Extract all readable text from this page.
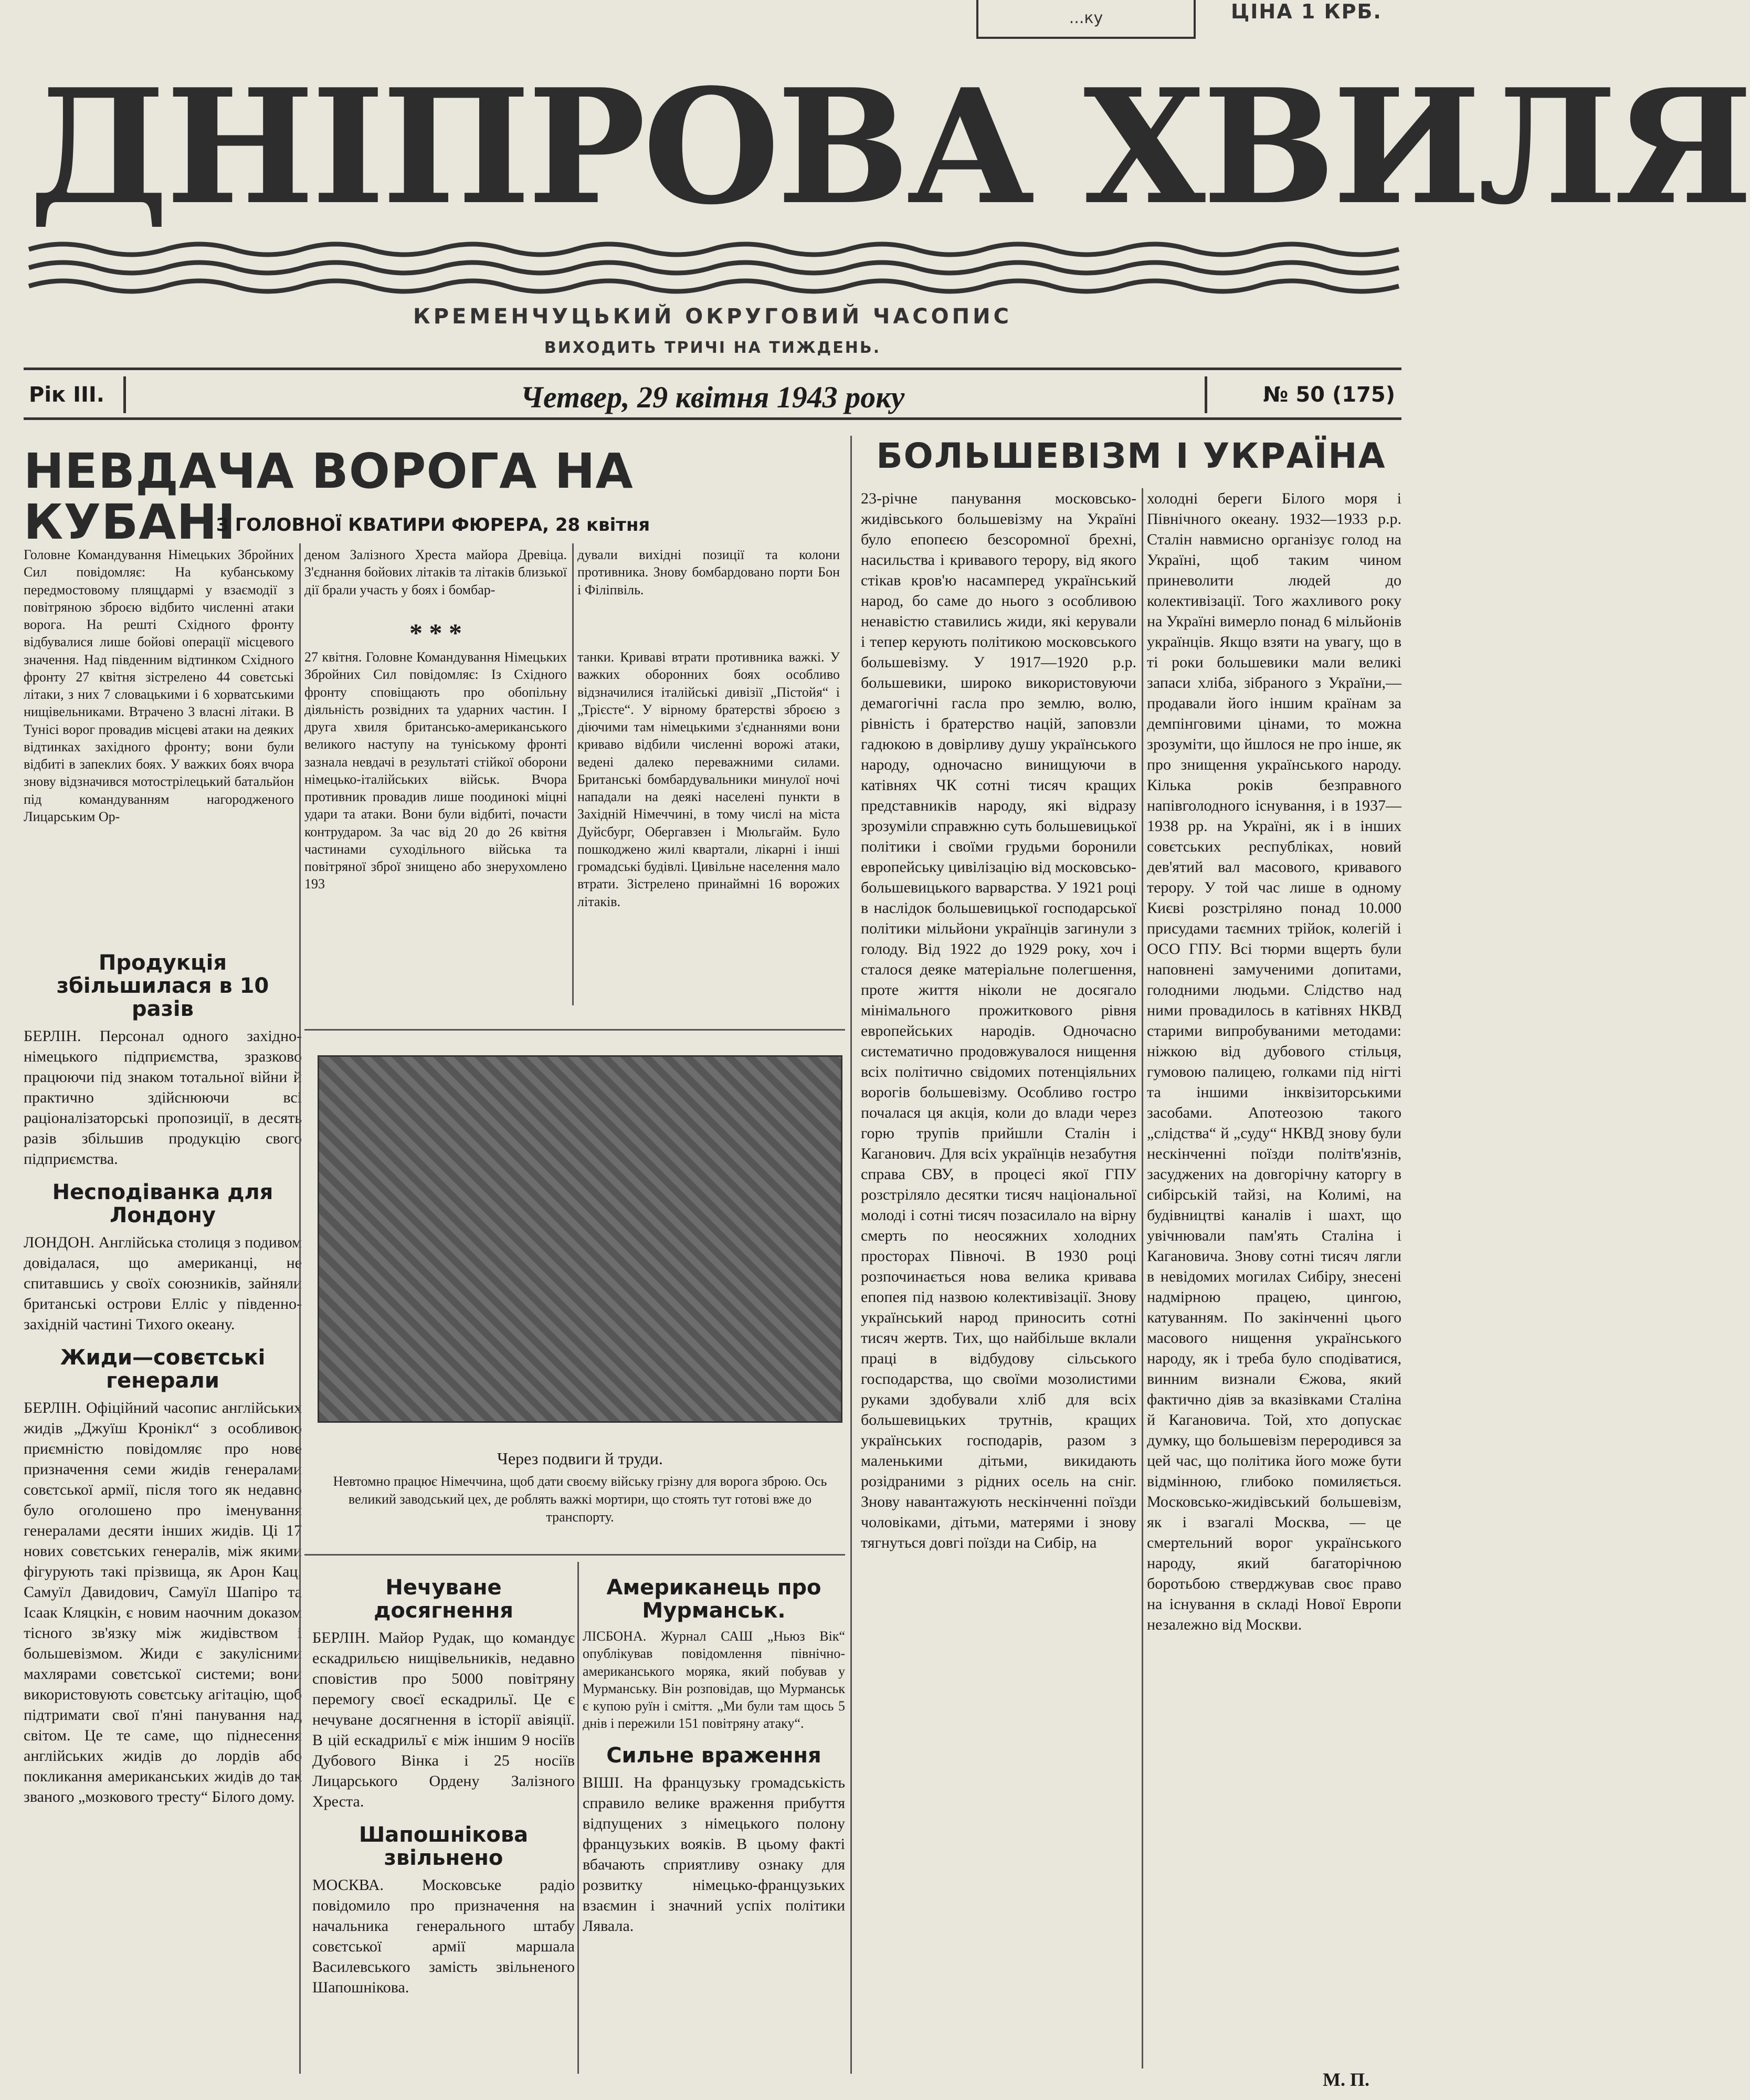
...ку	ЦІНА 1 КРБ.
ДНІПРОВА ХВИЛЯ
КРЕМЕНЧУЦЬКИЙ ОКРУГОВИЙ ЧАСОПИС
ВИХОДИТЬ ТРИЧІ НА ТИЖДЕНЬ.
Рік III.	Четвер, 29 квітня 1943 року	№ 50 (175)
НЕВДАЧА ВОРОГА НА КУБАНІ
З ГОЛОВНОЇ КВАТИРИ ФЮРЕРА, 28 квітня

Головне Командування Німецьких Збройних Сил повідомляє: На кубанському передмостовому плящдармі у взаємодії з повітряною зброєю відбито численні атаки ворога. На решті Східного фронту відбувалися лише бойові операції місцевого значення. Над південним відтинком Східного фронту 27 квітня зістрелено 44 совєтські літаки, з них 7 словацькими і 6 хорватськими нищівельниками. Втрачено 3 власні літаки. В Тунісі ворог провадив місцеві атаки на деяких відтинках західного фронту; вони були відбиті в запеклих боях. У важких боях вчора знову відзначився мотострілецький батальйон під командуванням нагородженого Лицарським Ор-

деном Залізного Хреста майора Древіца. З'єднання бойових літаків та літаків близької дії брали участь у боях і бомбар-

дували вихідні позиції та колони противника. Знову бомбардовано порти Бон і Філіпвіль.

* * *

27 квітня. Головне Командування Німецьких Збройних Сил повідомляє: Із Східного фронту сповіщають про обопільну діяльність розвідних та ударних частин. І друга хвиля британсько-американського великого наступу на туніському фронті зазнала невдачі в результаті стійкої оборони німецько-італійських військ. Вчора противник провадив лише поодинокі міцні удари та атаки. Вони були відбиті, почасти контрударом. За час від 20 до 26 квітня частинами суходільного війська та повітряної зброї знищено або знерухомлено 193

танки. Криваві втрати противника важкі. У важких оборонних боях особливо відзначилися італійські дивізії „Пістойя“ і „Трієсте“. У вірному братерстві зброєю з діючими там німецькими з'єднаннями вони криваво відбили численні ворожі атаки, ведені далеко переважними силами. Британські бомбардувальники минулої ночі нападали на деякі населені пункти в Західній Німеччині, в тому числі на міста Дуйсбург, Обергавзен і Мюльгайм. Було пошкоджено жилі квартали, лікарні і інші громадські будівлі. Цивільне населення мало втрати. Зістрелено принаймні 16 ворожих літаків.

Продукція збільшилася в 10 разів

БЕРЛІН. Персонал одного західно-німецького підприємства, зразково працюючи під знаком тотальної війни й практично здійснюючи всі раціоналізаторські пропозиції, в десять разів збільшив продукцію свого підприємства.

Несподіванка для Лондону

ЛОНДОН. Англійська столиця з подивом довідалася, що американці, не спитавшись у своїх союзників, зайняли британські острови Елліс у південно-західній частині Тихого океану.

Жиди—совєтські генерали

БЕРЛІН. Офіційний часопис англійських жидів „Джуїш Кронікл“ з особливою приємністю повідомляє про нове призначення семи жидів генералами совєтської армії, після того як недавно було оголошено про іменування генералами десяти інших жидів. Ці 17 нових совєтських генералів, між якими фігурують такі прізвища, як Арон Кац, Самуїл Давидович, Самуїл Шапіро та Ісаак Кляцкін, є новим наочним доказом тісного зв'язку між жидівством і большевізмом. Жиди є закулісними махлярами совєтської системи; вони використовують совєтську агітацію, щоб підтримати свої п'яні панування над світом. Це те саме, що піднесення англійських жидів до лордів або покликання американських жидів до так званого „мозкового тресту“ Білого дому.

Через подвиги й труди.

Невтомно працює Німеччина, щоб дати своєму війську грізну для ворога зброю. Ось великий заводський цех, де роблять важкі мортири, що стоять тут готові вже до транспорту.

Нечуване досягнення

БЕРЛІН. Майор Рудак, що командує ескадрильєю нищівельників, недавно сповістив про 5000 повітряну перемогу своєї ескадрильї. Це є нечуване досягнення в історії авіяції. В цій ескадрильї є між іншим 9 носіїв Дубового Вінка і 25 носіїв Лицарського Ордену Залізного Хреста.

Шапошнікова звільнено

МОСКВА. Московське радіо повідомило про призначення на начальника генерального штабу совєтської армії маршала Василевського замість звільненого Шапошнікова.

Американець про Мурманськ.

ЛІСБОНА. Журнал САШ „Ньюз Вік“ опублікував повідомлення північно-американського моряка, який побував у Мурманську. Він розповідав, що Мурманськ є купою руїн і сміття. „Ми були там щось 5 днів і пережили 151 повітряну атаку“.

Сильне враження

ВІШІ. На французьку громадськість справило велике враження прибуття відпущених з німецького полону французьких вояків. В цьому факті вбачають сприятливу ознаку для розвитку німецько-французьких взаємин і значний успіх політики Лявала.

БОЛЬШЕВІЗМ І УКРАЇНА

23-річне панування московсько-жидівського большевізму на Україні було епопеєю безсоромної брехні, насильства і кривавого терору, від якого стікав кров'ю насамперед український народ, бо саме до нього з особливою ненавістю ставились жиди, які керували і тепер керують політикою московського большевізму. У 1917—1920 р.р. большевики, широко використовуючи демагогічні гасла про землю, волю, рівність і братерство націй, заповзли гадюкою в довірливу душу українського народу, одночасно винищуючи в катівнях ЧК сотні тисяч кращих представників народу, які відразу зрозуміли справжню суть большевицької політики і своїми грудьми боронили европейську цивілізацію від московсько-большевицького варварства. У 1921 році в наслідок большевицької господарської політики мільйони українців загинули з голоду. Від 1922 до 1929 року, хоч і сталося деяке матеріальне полегшення, проте життя ніколи не досягало мінімального прожиткового рівня европейських народів. Одночасно систематично продовжувалося нищення всіх політично свідомих потенціяльних ворогів большевізму. Особливо гостро почалася ця акція, коли до влади через горю трупів прийшли Сталін і Каганович. Для всіх українців незабутня справа СВУ, в процесі якої ГПУ розстріляло десятки тисяч національної молоді і сотні тисяч позасилало на вірну смерть по неосяжних холодних просторах Півночі. В 1930 році розпочинається нова велика кривава епопея під назвою колективізації. Знову український народ приносить сотні тисяч жертв. Тих, що найбільше вклали праці в відбудову сільського господарства, що своїми мозолистими руками здобували хліб для всіх большевицьких трутнів, кращих українських господарів, разом з маленькими дітьми, викидають розідраними з рідних осель на сніг. Знову навантажують нескінченні поїзди чоловіками, дітьми, матерями і знову тягнуться довгі поїзди на Сибір, на

холодні береги Білого моря і Північного океану. 1932—1933 р.р. Сталін навмисно організує голод на Україні, щоб таким чином приневолити людей до колективізації. Того жахливого року на Україні вимерло понад 6 мільйонів українців. Якщо взяти на увагу, що в ті роки большевики мали великі запаси хліба, зібраного з України,—продавали його іншим країнам за демпінговими цінами, то можна зрозуміти, що йшлося не про інше, як про знищення українського народу. Кілька років безправного напівголодного існування, і в 1937—1938 рр. на Україні, як і в інших совєтських республіках, новий дев'ятий вал масового, кривавого терору. У той час лише в одному Києві розстріляно понад 10.000 присудами таємних трійок, колегій і ОСО ГПУ. Всі тюрми вщерть були наповнені замученими допитами, голодними людьми. Слідство над ними провадилось в катівнях НКВД старими випробуваними методами: ніжкою від дубового стільця, гумовою палицею, голками під нігті та іншими інквізиторськими засобами. Апотеозою такого „слідства“ й „суду“ НКВД зновy були нескінченні поїзди політв'язнів, засуджених на довгорічну каторгу в сибірській тайзі, на Колимі, на будівництві каналів і шахт, що увічнювали пам'ять Сталіна і Кагановича. Знову сотні тисяч лягли в невідомих могилах Сибіру, знесені надмірною працею, цингою, катуванням. По закінченні цього масового нищення українського народу, як і треба було сподіватися, винним визнали Єжова, який фактично діяв за вказівками Сталіна й Кагановича. Той, хто допускає думку, що большевізм переродився за цей час, що політика його може бути відмінною, глибоко помиляється. Московсько-жидівський большевізм, як і взагалі Москва, — це смертельний ворог українського народу, який багаторічною боротьбою стверджував своє право на існування в складі Нової Европи незалежно від Москви.

М. П.
